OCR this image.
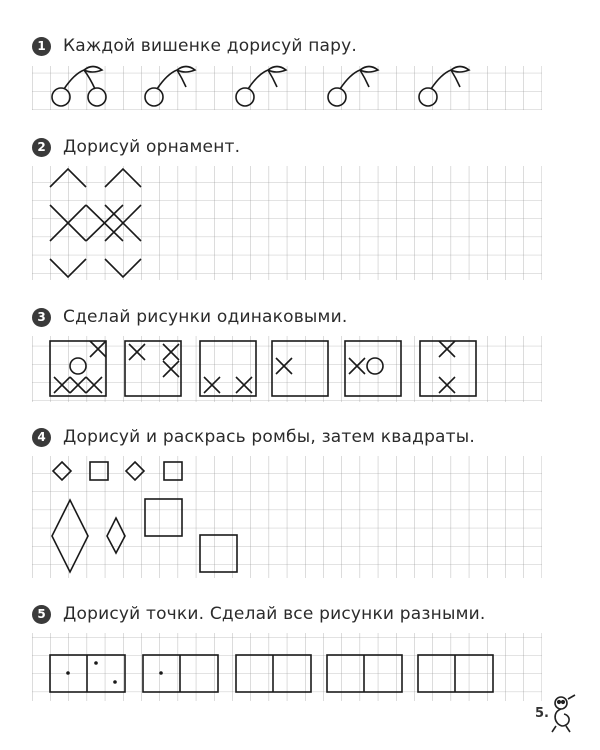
1	Каждой вишенке дорисуй пару.
2	Дорисуй орнамент.
3	Сделай рисунки одинаковыми.
4	Дорисуй и раскрась ромбы, затем квадраты.
5	Дорисуй точки. Сделай все рисунки разными.
5.
